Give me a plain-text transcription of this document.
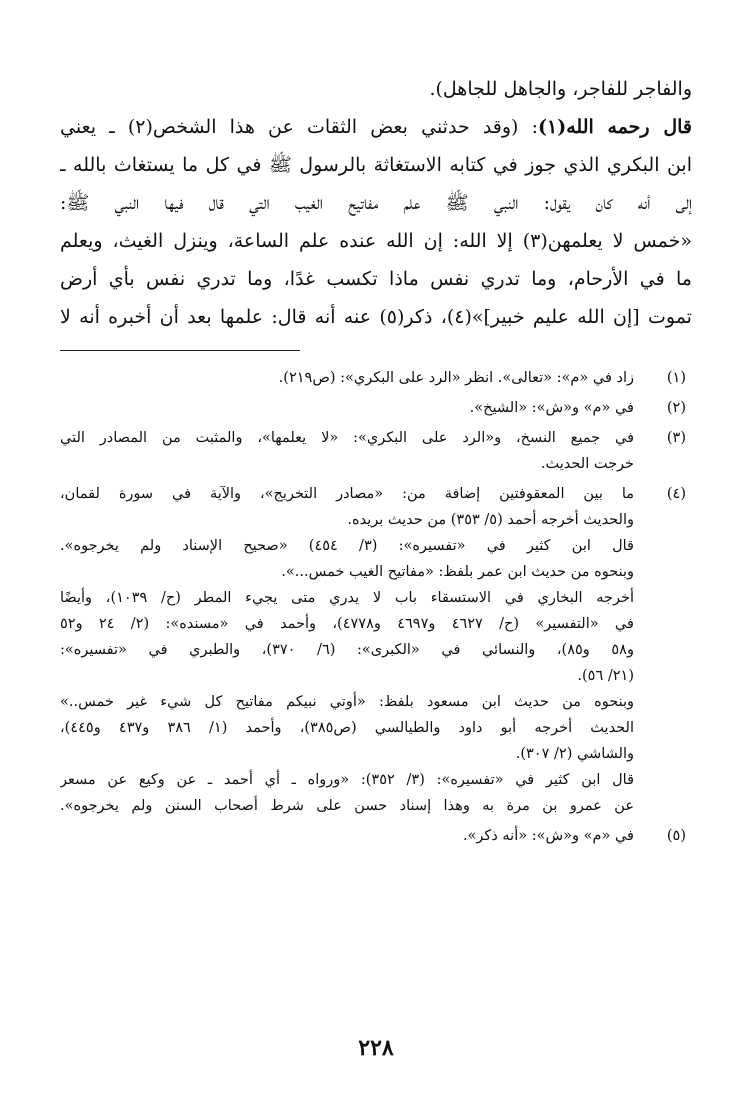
والفاجر للفاجر، والجاهل للجاهل).

قال رحمه الله(١): (وقد حدثني بعض الثقات عن هذا الشخص(٢) ـ يعني

ابن البكري الذي جوز في كتابه الاستغاثة بالرسول ﷺ في كل ما يستغاث بالله ـ

إلى أنه كان يقول: النبي ﷺ علم مفاتيح الغيب التي قال فيها النبي ﷺ:

«خمس لا يعلمهن(٣) إلا الله: إن الله عنده علم الساعة، وينزل الغيث، ويعلم

ما في الأرحام، وما تدري نفس ماذا تكسب غدًا، وما تدري نفس بأي أرض

تموت [إن الله عليم خبير]»(٤)، ذكر(٥) عنه أنه قال: علمها بعد أن أخبره أنه لا

(١)
زاد في «م»: «تعالى». انظر «الرد على البكري»: (ص٢١٩).
(٢)
في «م» و«ش»: «الشيخ».
(٣)
في جميع النسخ، و«الرد على البكري»: «لا يعلمها»، والمثبت من المصادر التي
خرجت الحديث.
(٤)
ما بين المعقوفتين إضافة من: «مصادر التخريج»، والآية في سورة لقمان،
والحديث أخرجه أحمد (٥/ ٣٥٣) من حديث بريده.
قال ابن كثير في «تفسيره»: (٣/ ٤٥٤) «صحيح الإسناد ولم يخرجوه».
وبنحوه من حديث ابن عمر بلفظ: «مفاتيح الغيب خمس...».
أخرجه البخاري في الاستسقاء باب لا يدري متى يجيء المطر (ح/ ١٠٣٩)، وأيضًا
في «التفسير» (ح/ ٤٦٢٧ و٤٦٩٧ و٤٧٧٨)، وأحمد في «مسنده»: (٢/ ٢٤ و٥٢
و٥٨ و٨٥)، والنسائي في «الكبرى»: (٦/ ٣٧٠)، والطبري في «تفسيره»:
(٢١/ ٥٦).
وبنحوه من حديث ابن مسعود بلفظ: «أوتي نبيكم مفاتيح كل شيء غير خمس..»
الحديث أخرجه أبو داود والطيالسي (ص٣٨٥)، وأحمد (١/ ٣٨٦ و٤٣٧ و٤٤٥)،
والشاشي (٢/ ٣٠٧).
قال ابن كثير في «تفسيره»: (٣/ ٣٥٢): «ورواه ـ أي أحمد ـ عن وكيع عن مسعر
عن عمرو بن مرة به وهذا إسناد حسن على شرط أصحاب السنن ولم يخرجوه».
(٥)
في «م» و«ش»: «أنه ذكر».
٢٢٨
